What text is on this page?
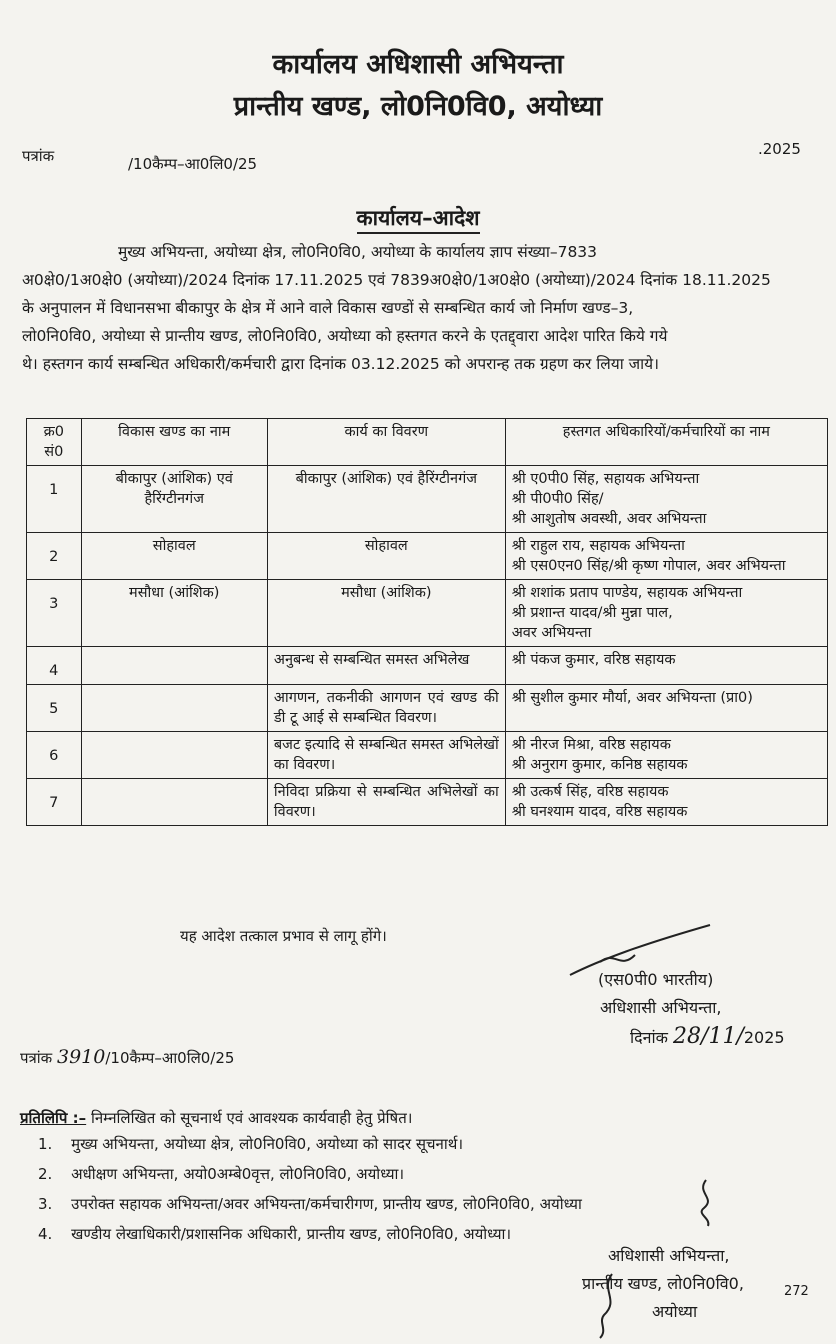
कार्यालय अधिशासी अभियन्ता
प्रान्तीय खण्ड, लो0नि0वि0, अयोध्या
पत्रांक	/10कैम्प–आ0लि0/25
.2025
कार्यालय–आदेश
मुख्य अभियन्ता, अयोध्या क्षेत्र, लो0नि0वि0, अयोध्या के कार्यालय ज्ञाप संख्या–7833
अ0क्षे0/1अ0क्षे0 (अयोध्या)/2024 दिनांक 17.11.2025 एवं 7839अ0क्षे0/1अ0क्षे0 (अयोध्या)/2024 दिनांक 18.11.2025
के अनुपालन में विधानसभा बीकापुर के क्षेत्र में आने वाले विकास खण्डों से सम्बन्धित कार्य जो निर्माण खण्ड–3,
लो0नि0वि0, अयोध्या से प्रान्तीय खण्ड, लो0नि0वि0, अयोध्या को हस्तगत करने के एतद्द्वारा आदेश पारित किये गये
थे। हस्तगन कार्य सम्बन्धित अधिकारी/कर्मचारी द्वारा दिनांक 03.12.2025 को अपरान्ह तक ग्रहण कर लिया जाये।
क्र0 सं0	विकास खण्ड का नाम	कार्य का विवरण	हस्तगत अधिकारियों/कर्मचारियों का नाम
1	बीकापुर (आंशिक) एवं हैरिंग्टीनगंज	बीकापुर (आंशिक) एवं हैरिंग्टीनगंज	श्री ए0पी0 सिंह, सहायक अभियन्ता
श्री पी0पी0 सिंह/
श्री आशुतोष अवस्थी, अवर अभियन्ता

2	सोहावल	सोहावल	श्री राहुल राय, सहायक अभियन्ता
श्री एस0एन0 सिंह/श्री कृष्ण गोपाल, अवर अभियन्ता

3	मसौधा (आंशिक)	मसौधा (आंशिक)	श्री शशांक प्रताप पाण्डेय, सहायक अभियन्ता
श्री प्रशान्त यादव/श्री मुन्ना पाल,
अवर अभियन्ता

4		अनुबन्ध से सम्बन्धित समस्त अभिलेख	श्री पंकज कुमार, वरिष्ठ सहायक

5		आगणन, तकनीकी आगणन एवं खण्ड की डी टू आई से सम्बन्धित विवरण।	श्री सुशील कुमार मौर्या, अवर अभियन्ता (प्रा0)

6		बजट इत्यादि से सम्बन्धित समस्त अभिलेखों का विवरण।	श्री नीरज मिश्रा, वरिष्ठ सहायक
श्री अनुराग कुमार, कनिष्ठ सहायक

7		निविदा प्रक्रिया से सम्बन्धित अभिलेखों का विवरण।	श्री उत्कर्ष सिंह, वरिष्ठ सहायक
श्री घनश्याम यादव, वरिष्ठ सहायक
यह आदेश तत्काल प्रभाव से लागू होंगे।
(एस0पी0 भारतीय)
अधिशासी अभियन्ता,
दिनांक 28/11/2025
पत्रांक 3910/10कैम्प–आ0लि0/25
प्रतिलिपि :– निम्नलिखित को सूचनार्थ एवं आवश्यक कार्यवाही हेतु प्रेषित।
1. मुख्य अभियन्ता, अयोध्या क्षेत्र, लो0नि0वि0, अयोध्या को सादर सूचनार्थ।
2. अधीक्षण अभियन्ता, अयो0अम्बे0वृत्त, लो0नि0वि0, अयोध्या।
3. उपरोक्त सहायक अभियन्ता/अवर अभियन्ता/कर्मचारीगण, प्रान्तीय खण्ड, लो0नि0वि0, अयोध्या
4. खण्डीय लेखाधिकारी/प्रशासनिक अधिकारी, प्रान्तीय खण्ड, लो0नि0वि0, अयोध्या।
अधिशासी अभियन्ता,
प्रान्तीय खण्ड, लो0नि0वि0,
अयोध्या
272
